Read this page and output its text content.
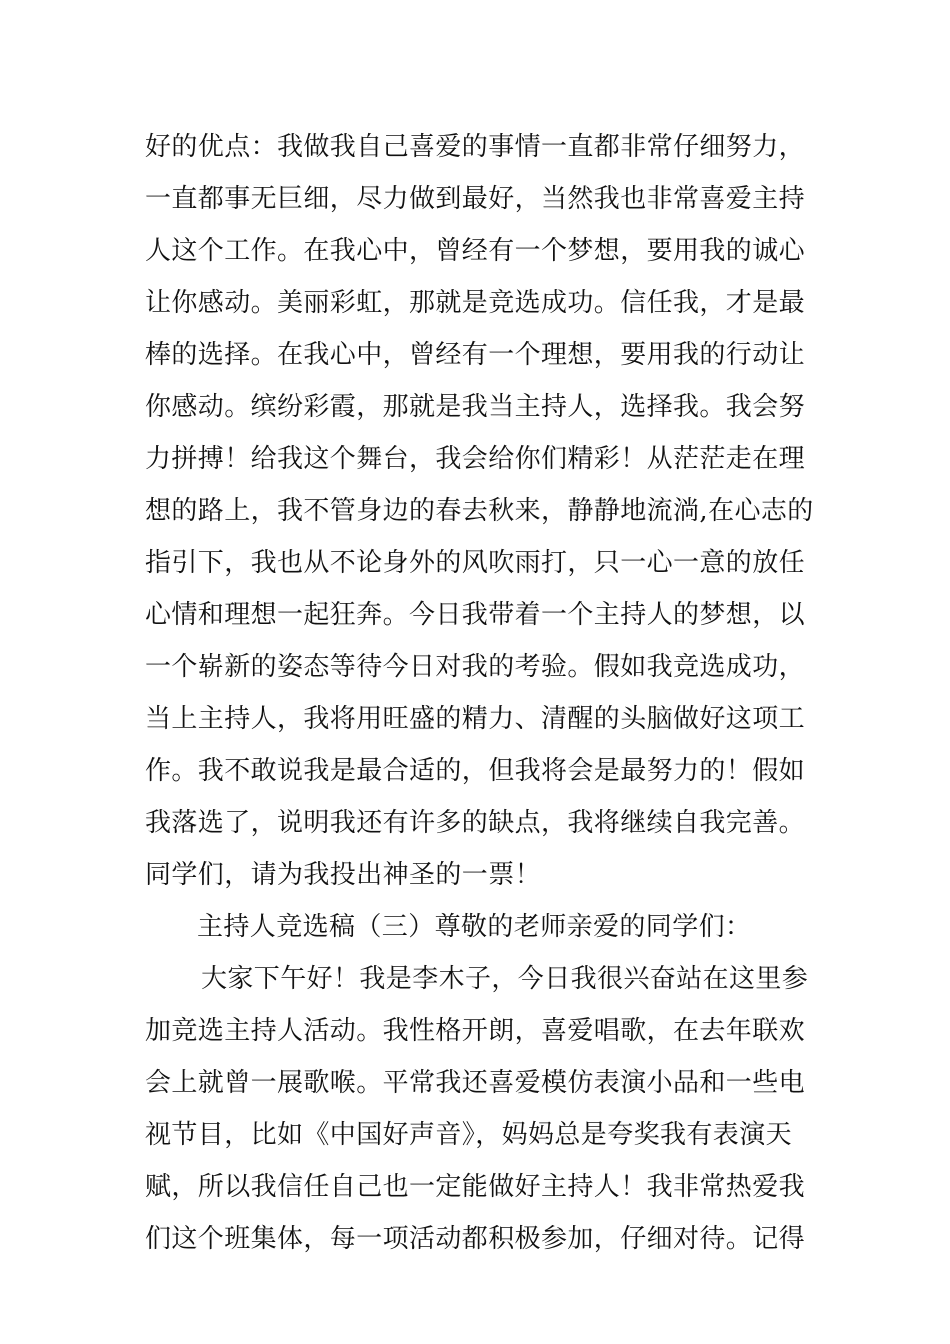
好的优点：我做我自己喜爱的事情一直都非常仔细努力，
一直都事无巨细，尽力做到最好，当然我也非常喜爱主持
人这个工作。在我心中，曾经有一个梦想，要用我的诚心
让你感动。美丽彩虹，那就是竞选成功。信任我，才是最
棒的选择。在我心中，曾经有一个理想，要用我的行动让
你感动。缤纷彩霞，那就是我当主持人，选择我。我会努
力拼搏！给我这个舞台，我会给你们精彩！从茫茫走在理
想的路上，我不管身边的春去秋来，静静地流淌,在心志的
指引下，我也从不论身外的风吹雨打，只一心一意的放任
心情和理想一起狂奔。今日我带着一个主持人的梦想，以
一个崭新的姿态等待今日对我的考验。假如我竞选成功，
当上主持人，我将用旺盛的精力、清醒的头脑做好这项工
作。我不敢说我是最合适的，但我将会是最努力的！假如
我落选了，说明我还有许多的缺点，我将继续自我完善。
同学们，请为我投出神圣的一票！
主持人竞选稿（三）尊敬的老师亲爱的同学们：
大家下午好！我是李木子，今日我很兴奋站在这里参
加竞选主持人活动。我性格开朗，喜爱唱歌，在去年联欢
会上就曾一展歌喉。平常我还喜爱模仿表演小品和一些电
视节目，比如《中国好声音》，妈妈总是夸奖我有表演天
赋，所以我信任自己也一定能做好主持人！我非常热爱我
们这个班集体，每一项活动都积极参加，仔细对待。记得
